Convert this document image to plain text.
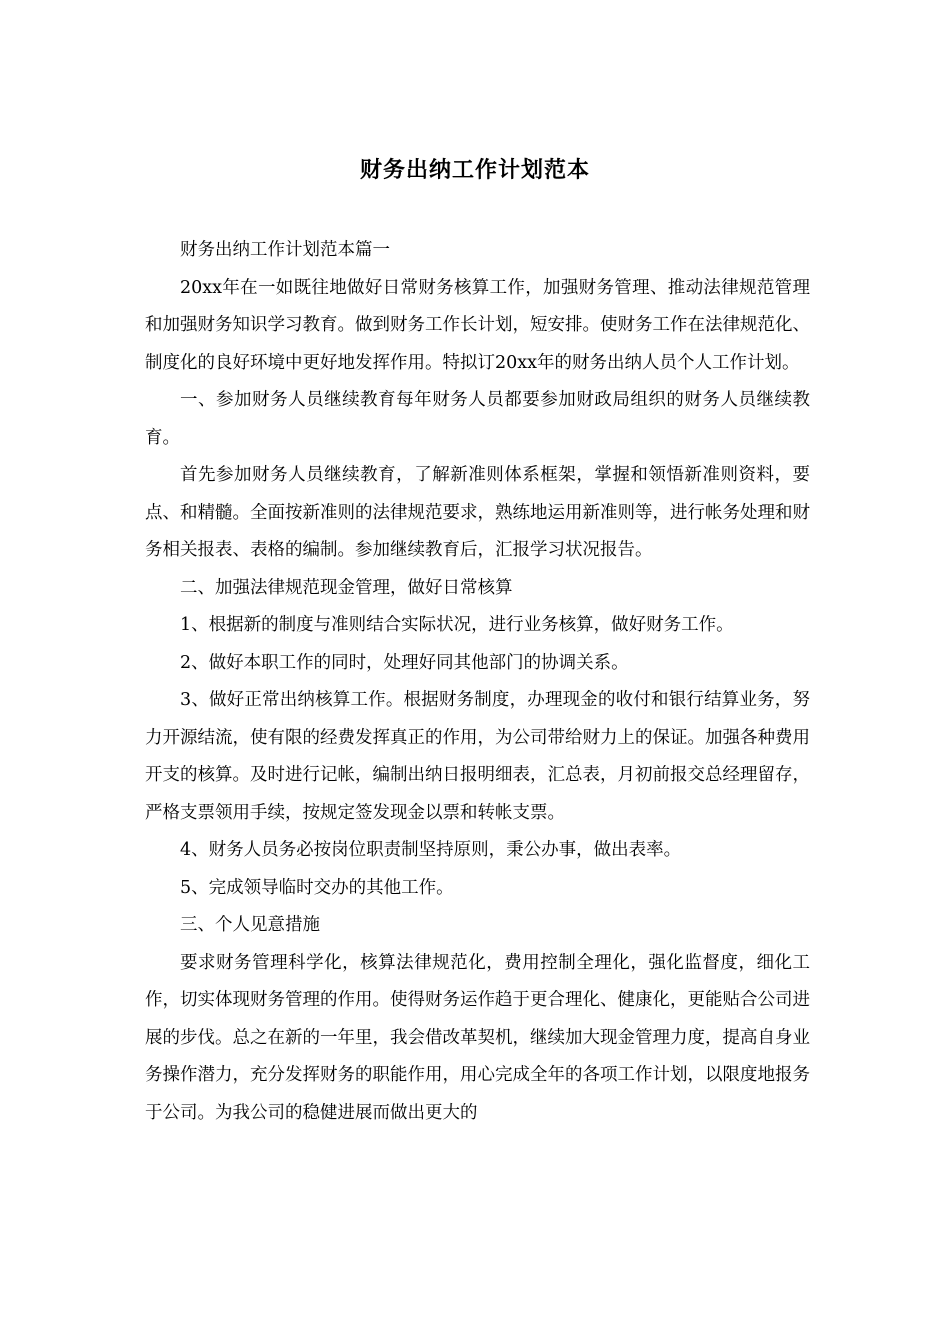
财务出纳工作计划范本

财务出纳工作计划范本篇一

20xx年在一如既往地做好日常财务核算工作，加强财务管理、推动法律规范管理和加强财务知识学习教育。做到财务工作长计划，短安排。使财务工作在法律规范化、制度化的良好环境中更好地发挥作用。特拟订20xx年的财务出纳人员个人工作计划。

一、参加财务人员继续教育每年财务人员都要参加财政局组织的财务人员继续教育。

首先参加财务人员继续教育，了解新准则体系框架，掌握和领悟新准则资料，要点、和精髓。全面按新准则的法律规范要求，熟练地运用新准则等，进行帐务处理和财务相关报表、表格的编制。参加继续教育后，汇报学习状况报告。

二、加强法律规范现金管理，做好日常核算

1、根据新的制度与准则结合实际状况，进行业务核算，做好财务工作。

2、做好本职工作的同时，处理好同其他部门的协调关系。

3、做好正常出纳核算工作。根据财务制度，办理现金的收付和银行结算业务，努力开源结流，使有限的经费发挥真正的作用，为公司带给财力上的保证。加强各种费用开支的核算。及时进行记帐，编制出纳日报明细表，汇总表，月初前报交总经理留存，严格支票领用手续，按规定签发现金以票和转帐支票。

4、财务人员务必按岗位职责制坚持原则，秉公办事，做出表率。

5、完成领导临时交办的其他工作。

三、个人见意措施

要求财务管理科学化，核算法律规范化，费用控制全理化，强化监督度，细化工作，切实体现财务管理的作用。使得财务运作趋于更合理化、健康化，更能贴合公司进展的步伐。总之在新的一年里，我会借改革契机，继续加大现金管理力度，提高自身业务操作潜力，充分发挥财务的职能作用，用心完成全年的各项工作计划，以限度地报务于公司。为我公司的稳健进展而做出更大的
